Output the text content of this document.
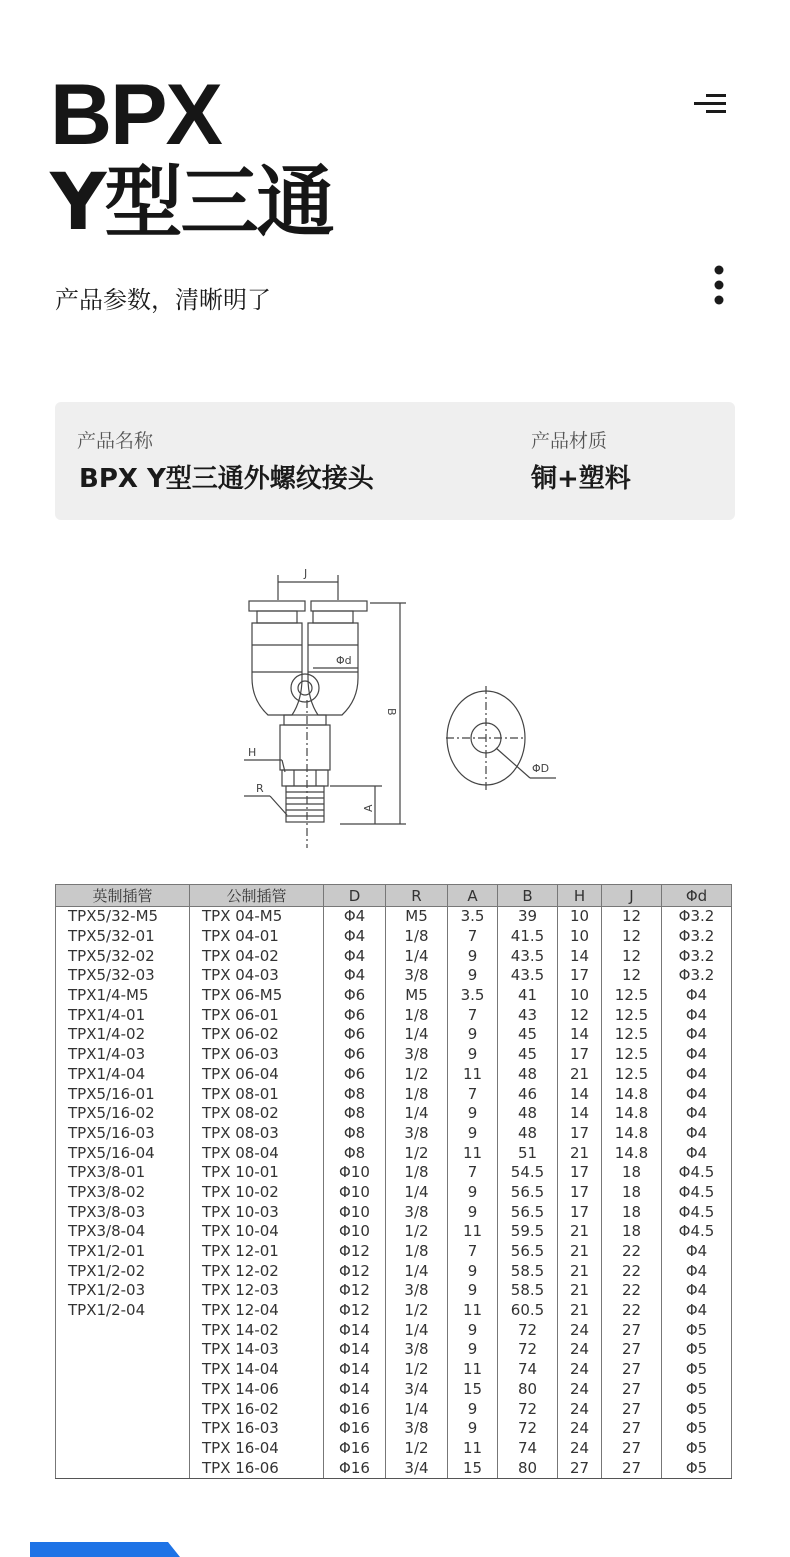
BPX
Y型三通
产品参数，清晰明了
产品名称
BPX Y型三通外螺纹接头
产品材质
铜+塑料
J
Φd
B
H
R
A
ΦD
英制插管	公制插管	D	R	A	B	H	J	Φd
TPX5/32-M5	TPX 04-M5	Φ4	M5	3.5	39	10	12	Φ3.2
TPX5/32-01	TPX 04-01	Φ4	1/8	7	41.5	10	12	Φ3.2
TPX5/32-02	TPX 04-02	Φ4	1/4	9	43.5	14	12	Φ3.2
TPX5/32-03	TPX 04-03	Φ4	3/8	9	43.5	17	12	Φ3.2
TPX1/4-M5	TPX 06-M5	Φ6	M5	3.5	41	10	12.5	Φ4
TPX1/4-01	TPX 06-01	Φ6	1/8	7	43	12	12.5	Φ4
TPX1/4-02	TPX 06-02	Φ6	1/4	9	45	14	12.5	Φ4
TPX1/4-03	TPX 06-03	Φ6	3/8	9	45	17	12.5	Φ4
TPX1/4-04	TPX 06-04	Φ6	1/2	11	48	21	12.5	Φ4
TPX5/16-01	TPX 08-01	Φ8	1/8	7	46	14	14.8	Φ4
TPX5/16-02	TPX 08-02	Φ8	1/4	9	48	14	14.8	Φ4
TPX5/16-03	TPX 08-03	Φ8	3/8	9	48	17	14.8	Φ4
TPX5/16-04	TPX 08-04	Φ8	1/2	11	51	21	14.8	Φ4
TPX3/8-01	TPX 10-01	Φ10	1/8	7	54.5	17	18	Φ4.5
TPX3/8-02	TPX 10-02	Φ10	1/4	9	56.5	17	18	Φ4.5
TPX3/8-03	TPX 10-03	Φ10	3/8	9	56.5	17	18	Φ4.5
TPX3/8-04	TPX 10-04	Φ10	1/2	11	59.5	21	18	Φ4.5
TPX1/2-01	TPX 12-01	Φ12	1/8	7	56.5	21	22	Φ4
TPX1/2-02	TPX 12-02	Φ12	1/4	9	58.5	21	22	Φ4
TPX1/2-03	TPX 12-03	Φ12	3/8	9	58.5	21	22	Φ4
TPX1/2-04	TPX 12-04	Φ12	1/2	11	60.5	21	22	Φ4
	TPX 14-02	Φ14	1/4	9	72	24	27	Φ5
	TPX 14-03	Φ14	3/8	9	72	24	27	Φ5
	TPX 14-04	Φ14	1/2	11	74	24	27	Φ5
	TPX 14-06	Φ14	3/4	15	80	24	27	Φ5
	TPX 16-02	Φ16	1/4	9	72	24	27	Φ5
	TPX 16-03	Φ16	3/8	9	72	24	27	Φ5
	TPX 16-04	Φ16	1/2	11	74	24	27	Φ5
	TPX 16-06	Φ16	3/4	15	80	27	27	Φ5
